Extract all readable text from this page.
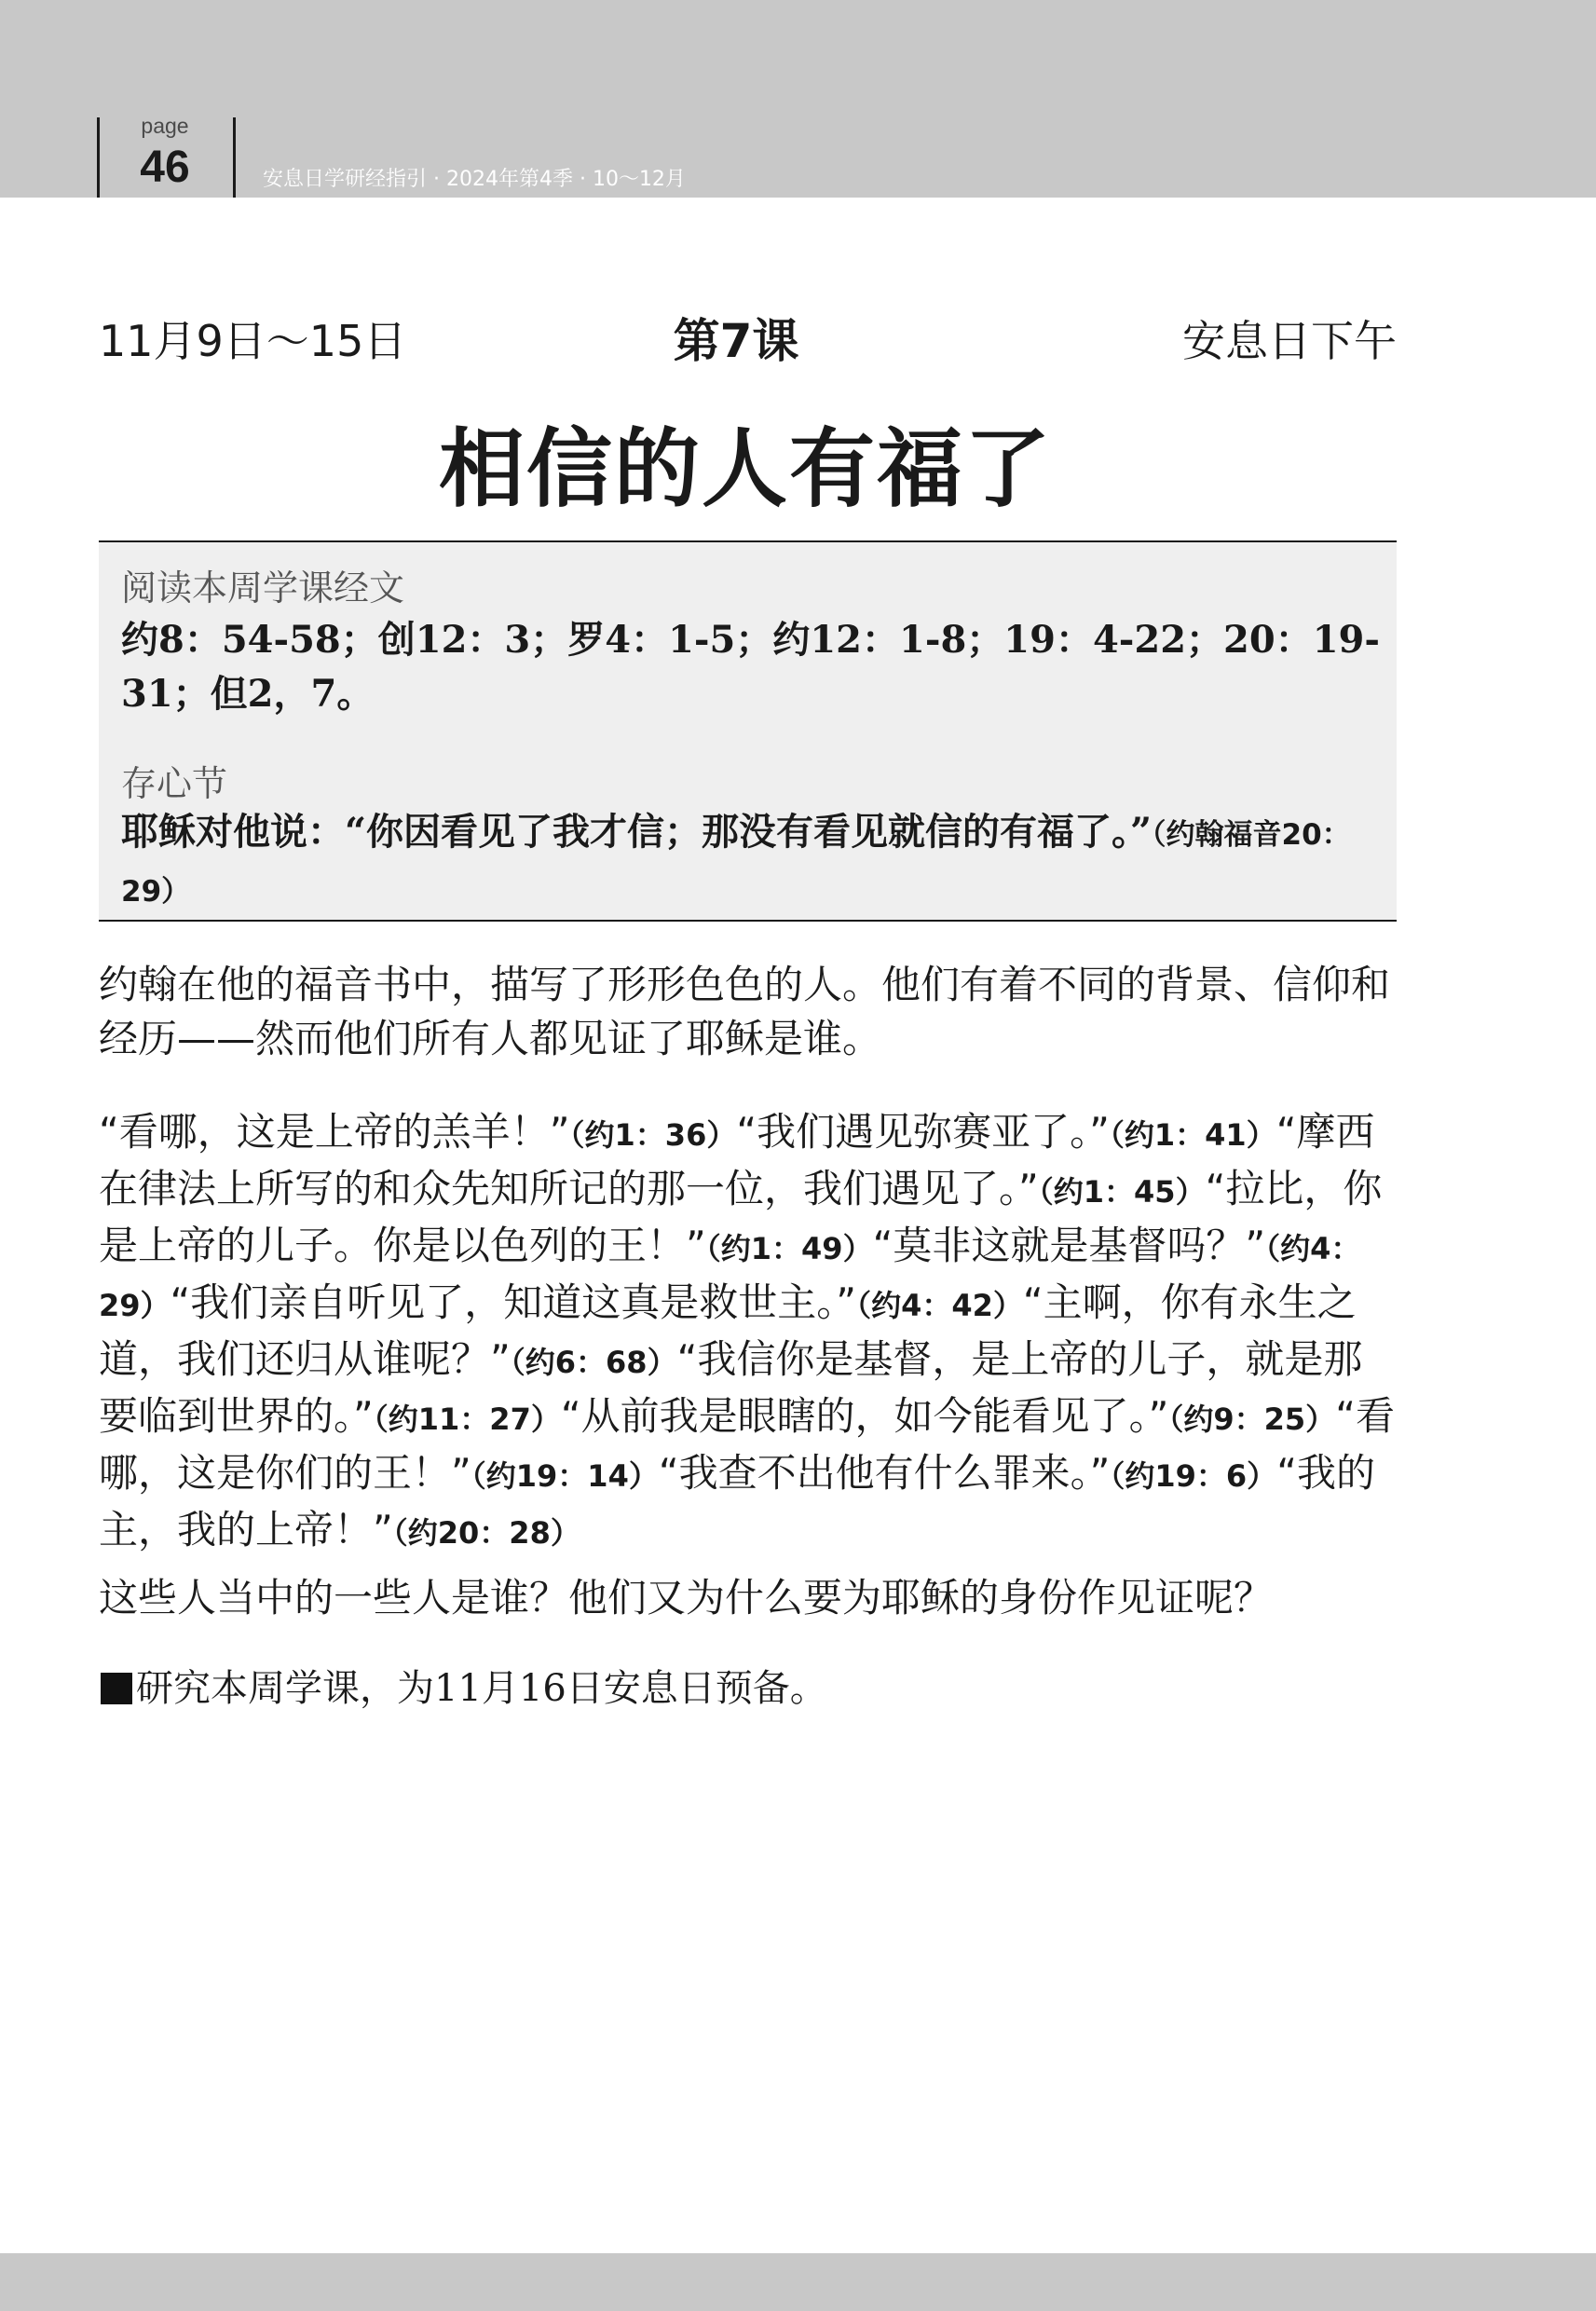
page
46	安息日学研经指引 · 2024年第4季 · 10～12月
11月9日～15日	第7课	安息日下午
相信的人有福了
阅读本周学课经文
约8：54-58；创12：3；罗4：1-5；约12：1-8；19：4-22；20：19-31；但2，7。
存心节
耶稣对他说：“你因看见了我才信；那没有看见就信的有福了。”（约翰福音20：29）
约翰在他的福音书中，描写了形形色色的人。他们有着不同的背景、信仰和经历——然而他们所有人都见证了耶稣是谁。
“看哪，这是上帝的羔羊！”（约1：36）“我们遇见弥赛亚了。”（约1：41）“摩西在律法上所写的和众先知所记的那一位，我们遇见了。”（约1：45）“拉比，你是上帝的儿子。你是以色列的王！”（约1：49）“莫非这就是基督吗？”（约4：29）“我们亲自听见了，知道这真是救世主。”（约4：42）“主啊，你有永生之道，我们还归从谁呢？”（约6：68）“我信你是基督，是上帝的儿子，就是那要临到世界的。”（约11：27）“从前我是眼瞎的，如今能看见了。”（约9：25）“看哪，这是你们的王！”（约19：14）“我查不出他有什么罪来。”（约19：6）“我的主，我的上帝！”（约20：28）
这些人当中的一些人是谁？他们又为什么要为耶稣的身份作见证呢？
研究本周学课，为11月16日安息日预备。
